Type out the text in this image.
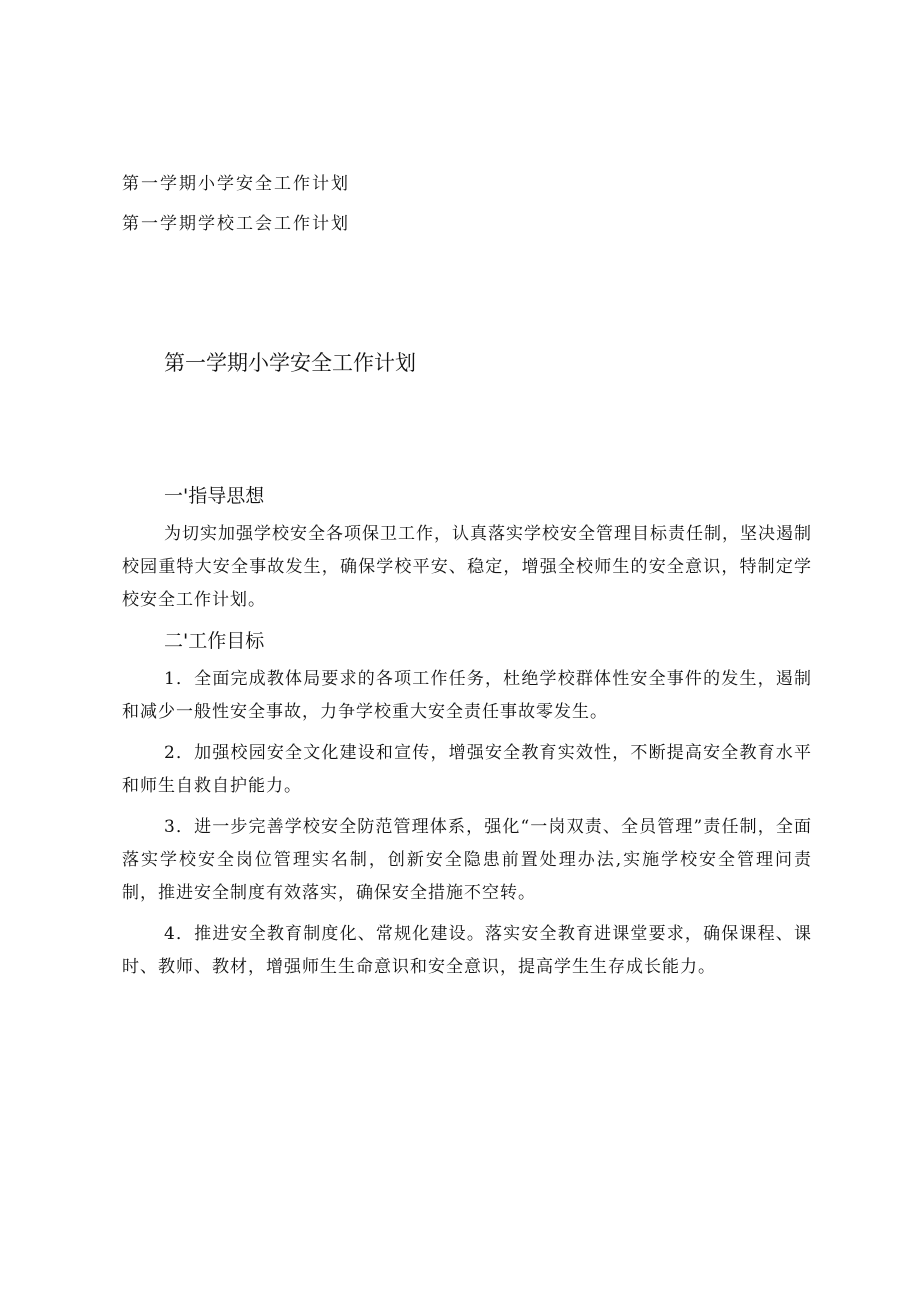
第一学期小学安全工作计划
第一学期学校工会工作计划
第一学期小学安全工作计划
一'指导思想

为切实加强学校安全各项保卫工作，认真落实学校安全管理目标责任制，坚决遏制校园重特大安全事故发生，确保学校平安、稳定，增强全校师生的安全意识，特制定学校安全工作计划。

二'工作目标

1．全面完成教体局要求的各项工作任务，杜绝学校群体性安全事件的发生，遏制和减少一般性安全事故，力争学校重大安全责任事故零发生。

2．加强校园安全文化建设和宣传，增强安全教育实效性，不断提高安全教育水平和师生自救自护能力。

3．进一步完善学校安全防范管理体系，强化“一岗双责、全员管理”责任制，全面落实学校安全岗位管理实名制，创新安全隐患前置处理办法,实施学校安全管理问责制，推进安全制度有效落实，确保安全措施不空转。

4．推进安全教育制度化、常规化建设。落实安全教育进课堂要求，确保课程、课时、教师、教材，增强师生生命意识和安全意识，提高学生生存成长能力。
